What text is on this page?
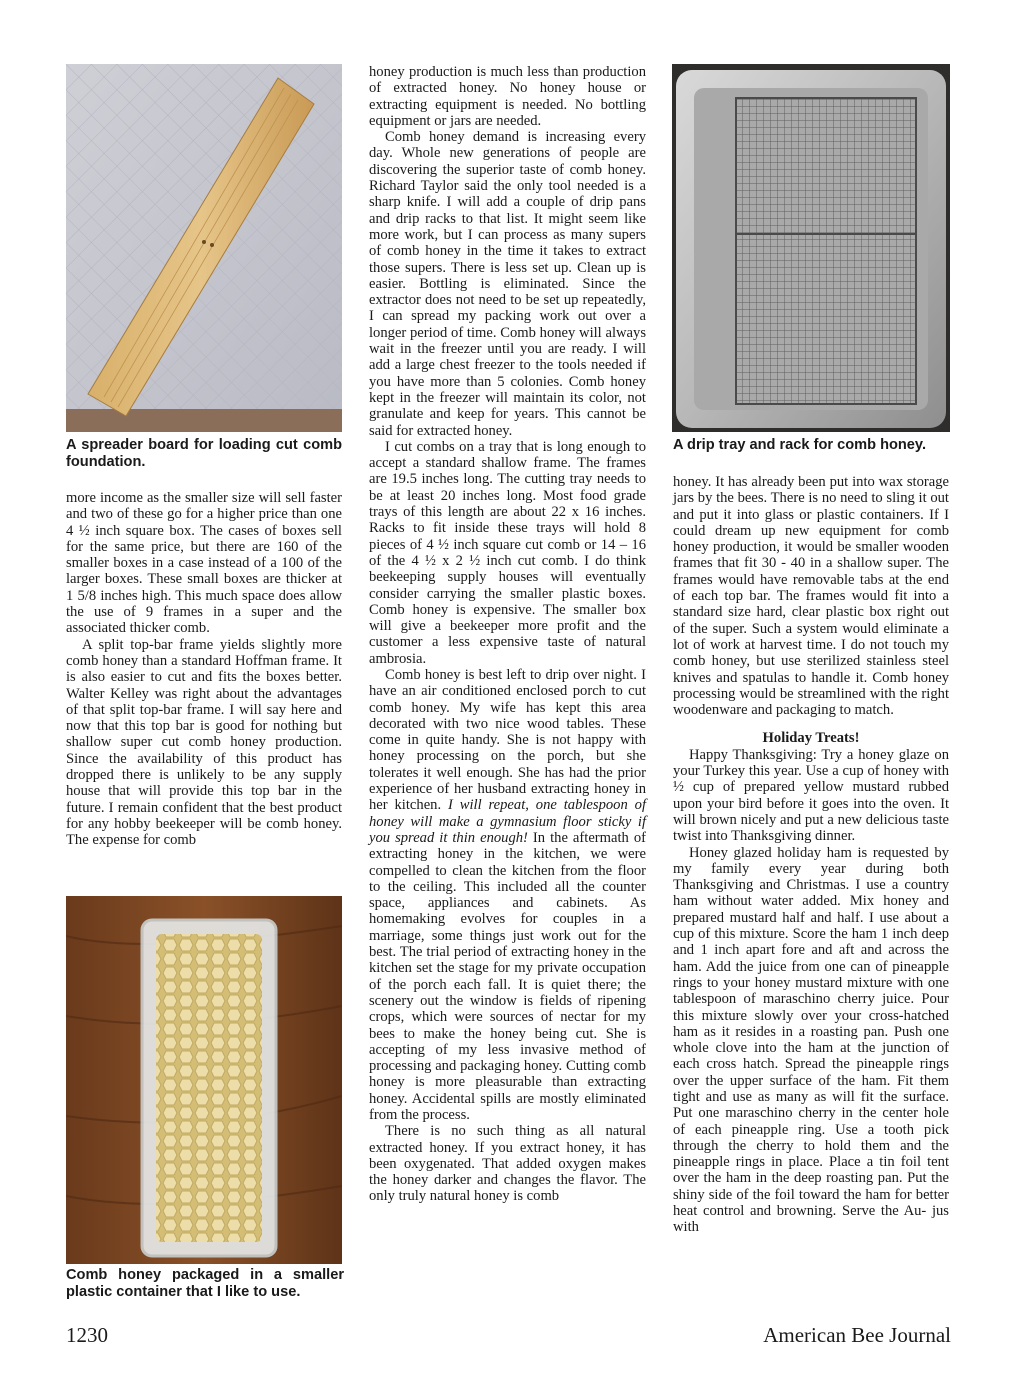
A spreader board for loading cut comb foundation.

more income as the smaller size will sell faster and two of these go for a higher price than one 4 ½ inch square box. The cases of boxes sell for the same price, but there are 160 of the smaller boxes in a case instead of a 100 of the larger boxes. These small boxes are thicker at 1 5/8 inches high. This much space does allow the use of 9 frames in a super and the associated thicker comb.

A split top-bar frame yields slightly more comb honey than a standard Hoffman frame. It is also easier to cut and fits the boxes better. Walter Kelley was right about the advantages of that split top-bar frame. I will say here and now that this top bar is good for nothing but shallow super cut comb honey production. Since the availability of this product has dropped there is unlikely to be any supply house that will provide this top bar in the future. I remain confident that the best product for any hobby beekeeper will be comb honey. The expense for comb

Comb honey packaged in a smaller plastic container that I like to use.

honey production is much less than production of extracted honey. No honey house or extracting equipment is needed. No bottling equipment or jars are needed.

Comb honey demand is increasing every day. Whole new generations of people are discovering the superior taste of comb honey. Richard Taylor said the only tool needed is a sharp knife. I will add a couple of drip pans and drip racks to that list. It might seem like more work, but I can process as many supers of comb honey in the time it takes to extract those supers. There is less set up. Clean up is easier. Bottling is eliminated. Since the extractor does not need to be set up repeatedly, I can spread my packing work out over a longer period of time. Comb honey will always wait in the freezer until you are ready. I will add a large chest freezer to the tools needed if you have more than 5 colonies. Comb honey kept in the freezer will maintain its color, not granulate and keep for years. This cannot be said for extracted honey.

I cut combs on a tray that is long enough to accept a standard shallow frame. The frames are 19.5 inches long. The cutting tray needs to be at least 20 inches long. Most food grade trays of this length are about 22 x 16 inches. Racks to fit inside these trays will hold 8 pieces of 4 ½ inch square cut comb or 14 – 16 of the 4 ½ x 2 ½ inch cut comb. I do think beekeeping supply houses will eventually consider carrying the smaller plastic boxes. Comb honey is expensive. The smaller box will give a beekeeper more profit and the customer a less expensive taste of natural ambrosia.

Comb honey is best left to drip over night. I have an air conditioned enclosed porch to cut comb honey. My wife has kept this area decorated with two nice wood tables. These come in quite handy. She is not happy with honey processing on the porch, but she tolerates it well enough. She has had the prior experience of her husband extracting honey in her kitchen. I will repeat, one tablespoon of honey will make a gymnasium floor sticky if you spread it thin enough! In the aftermath of extracting honey in the kitchen, we were compelled to clean the kitchen from the floor to the ceiling. This included all the counter space, appliances and cabinets. As homemaking evolves for couples in a marriage, some things just work out for the best. The trial period of extracting honey in the kitchen set the stage for my private occupation of the porch each fall. It is quiet there; the scenery out the window is fields of ripening crops, which were sources of nectar for my bees to make the honey being cut. She is accepting of my less invasive method of processing and packaging honey. Cutting comb honey is more pleasurable than extracting honey. Accidental spills are mostly eliminated from the process.

There is no such thing as all natural extracted honey. If you extract honey, it has been oxygenated. That added oxygen makes the honey darker and changes the flavor. The only truly natural honey is comb

A drip tray and rack for comb honey.

honey. It has already been put into wax storage jars by the bees. There is no need to sling it out and put it into glass or plastic containers. If I could dream up new equipment for comb honey production, it would be smaller wooden frames that fit 30 - 40 in a shallow super. The frames would have removable tabs at the end of each top bar. The frames would fit into a standard size hard, clear plastic box right out of the super. Such a system would eliminate a lot of work at harvest time. I do not touch my comb honey, but use sterilized stainless steel knives and spatulas to handle it. Comb honey processing would be streamlined with the right woodenware and packaging to match.

Holiday Treats!

Happy Thanksgiving: Try a honey glaze on your Turkey this year. Use a cup of honey with ½ cup of prepared yellow mustard rubbed upon your bird before it goes into the oven. It will brown nicely and put a new delicious taste twist into Thanksgiving dinner.

Honey glazed holiday ham is requested by my family every year during both Thanksgiving and Christmas. I use a country ham without water added. Mix honey and prepared mustard half and half. I use about a cup of this mixture. Score the ham 1 inch deep and 1 inch apart fore and aft and across the ham. Add the juice from one can of pineapple rings to your honey mustard mixture with one tablespoon of maraschino cherry juice. Pour this mixture slowly over your cross-hatched ham as it resides in a roasting pan. Push one whole clove into the ham at the junction of each cross hatch. Spread the pineapple rings over the upper surface of the ham. Fit them tight and use as many as will fit the surface. Put one maraschino cherry in the center hole of each pineapple ring. Use a tooth pick through the cherry to hold them and the pineapple rings in place. Place a tin foil tent over the ham in the deep roasting pan. Put the shiny side of the foil toward the ham for better heat control and browning. Serve the Au- jus with

1230	American Bee Journal
